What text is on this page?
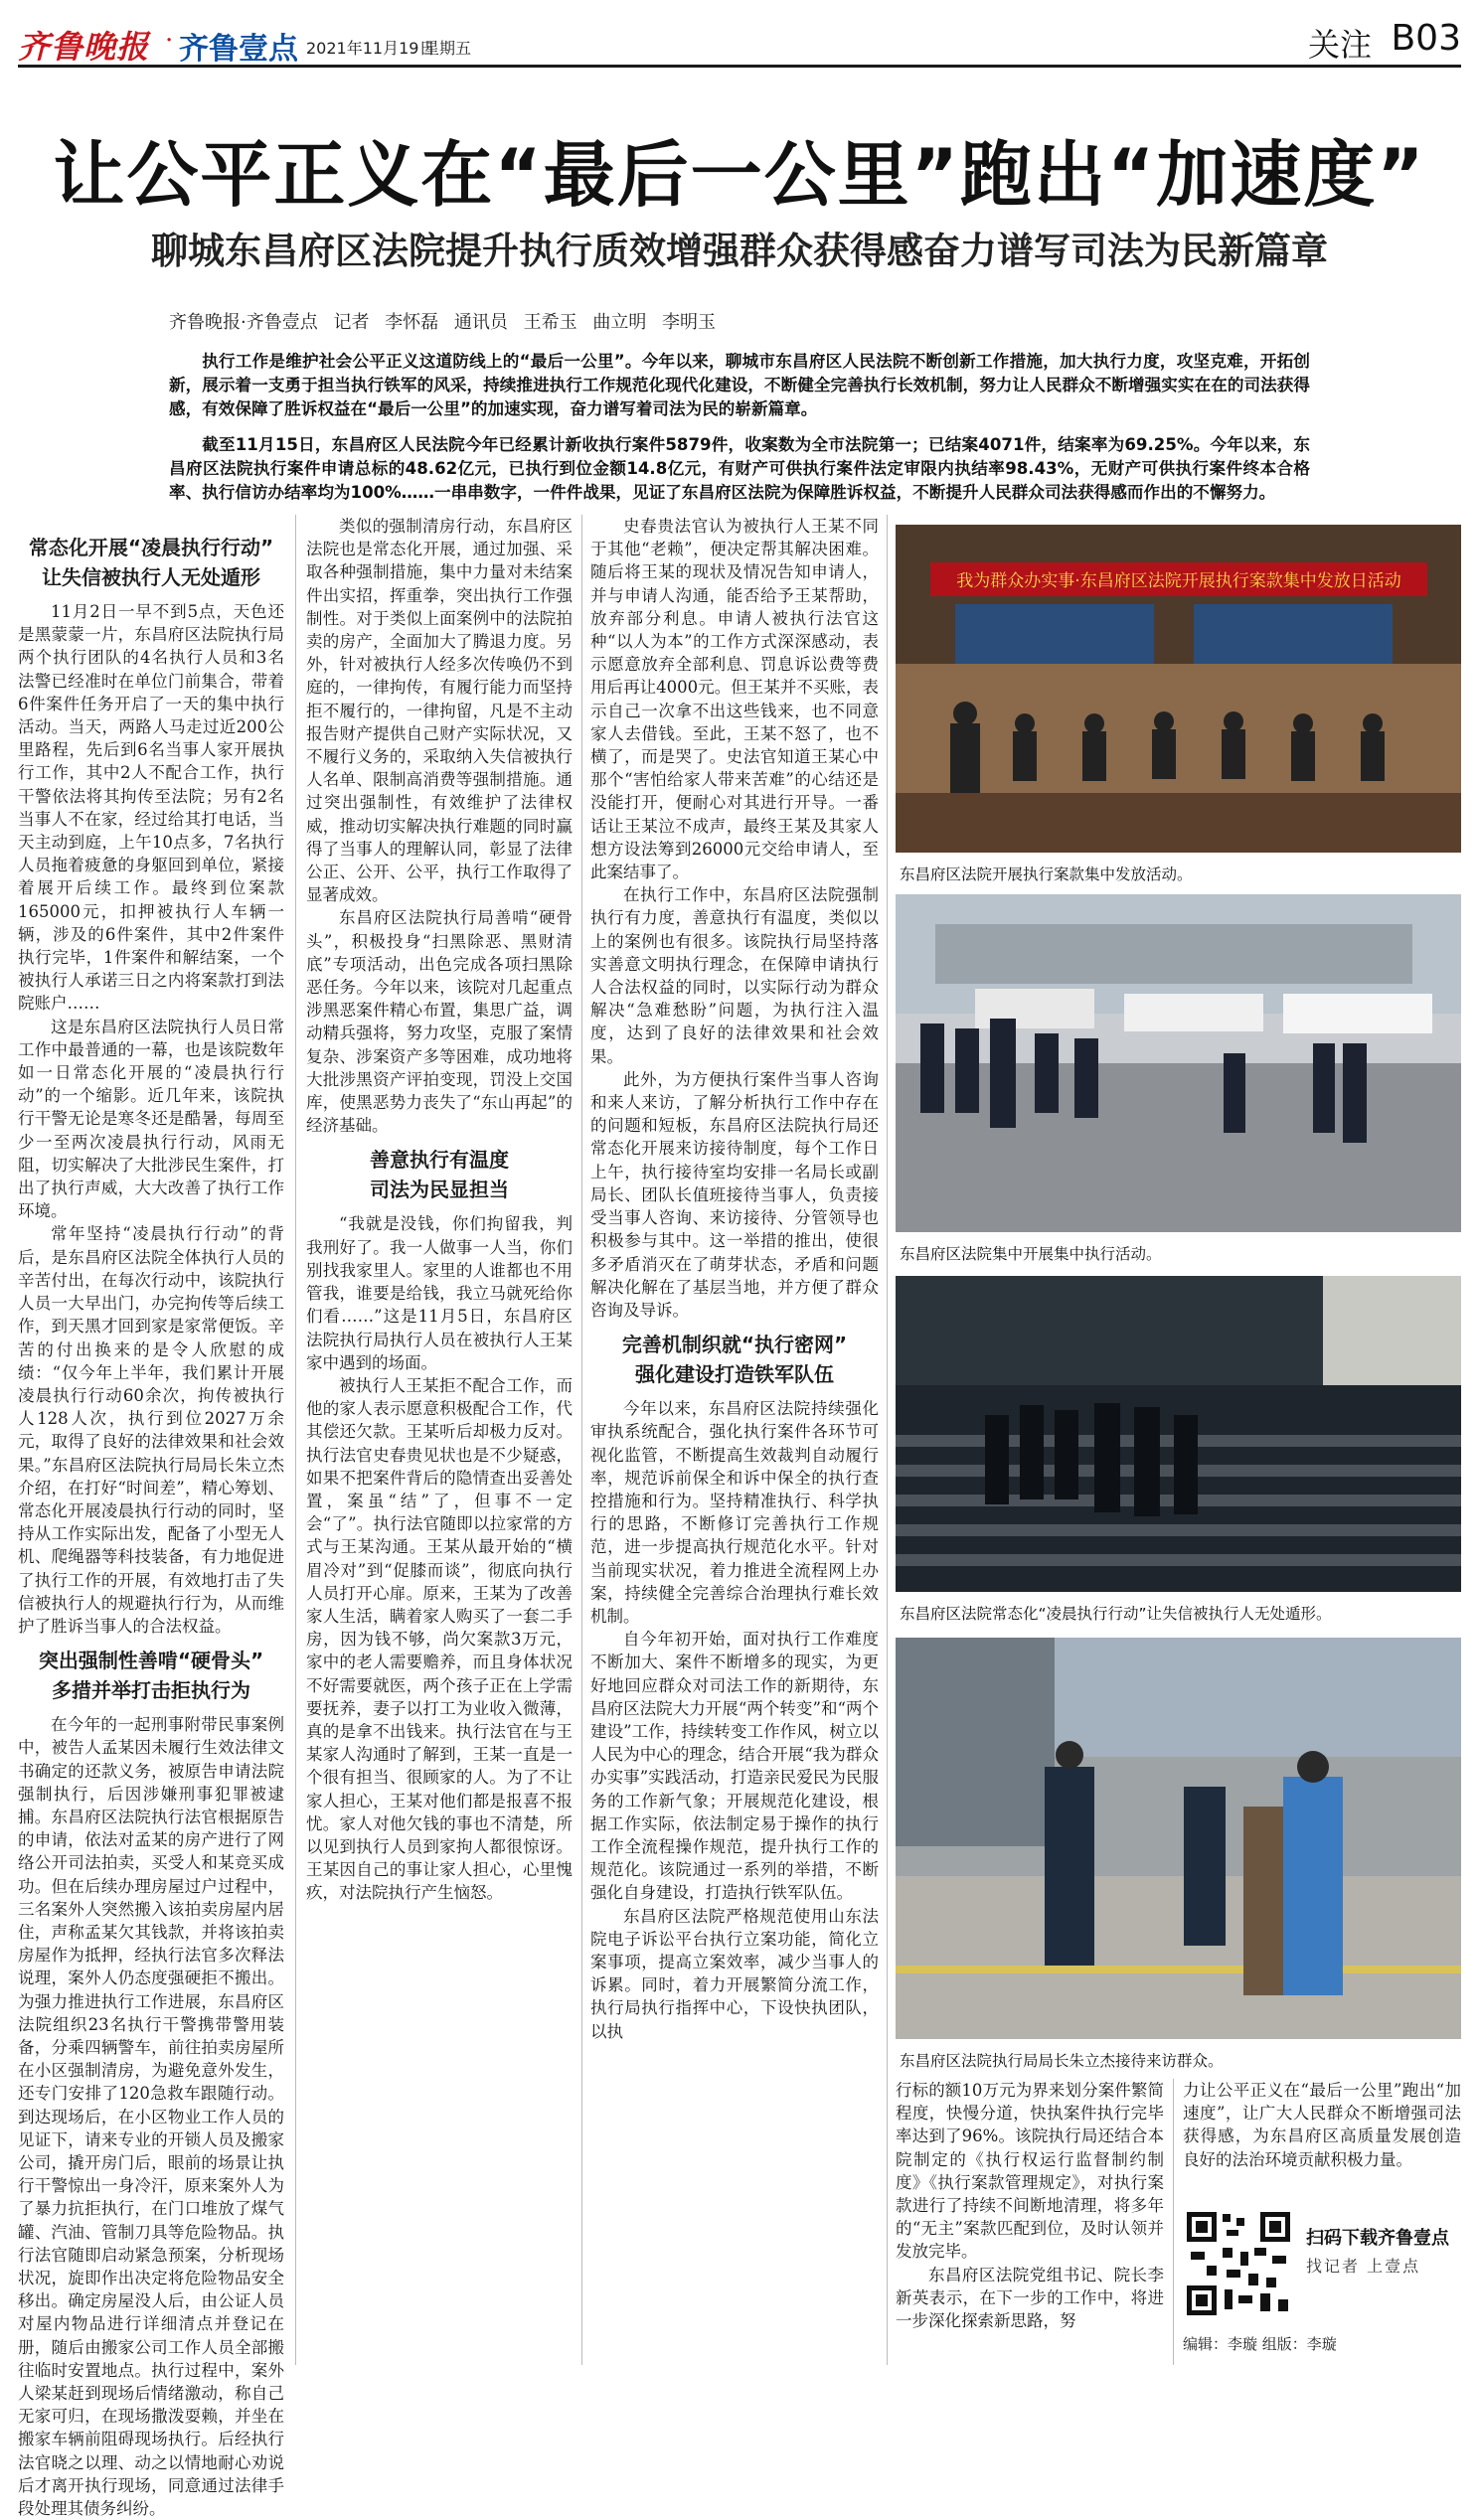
齐鲁晚报 · 齐鲁壹点 2021年11月19日
星期五	关注 B03
让公平正义在“最后一公里”跑出“加速度”
聊城东昌府区法院提升执行质效增强群众获得感奋力谱写司法为民新篇章
齐鲁晚报·齐鲁壹点 记者 李怀磊 通讯员 王希玉 曲立明 李明玉

执行工作是维护社会公平正义这道防线上的“最后一公里”。今年以来，聊城市东昌府区人民法院不断创新工作措施，加大执行力度，攻坚克难，开拓创新，展示着一支勇于担当执行铁军的风采，持续推进执行工作规范化现代化建设，不断健全完善执行长效机制，努力让人民群众不断增强实实在在的司法获得感，有效保障了胜诉权益在“最后一公里”的加速实现，奋力谱写着司法为民的崭新篇章。

截至11月15日，东昌府区人民法院今年已经累计新收执行案件5879件，收案数为全市法院第一；已结案4071件，结案率为69.25%。今年以来，东昌府区法院执行案件申请总标的48.62亿元，已执行到位金额14.8亿元，有财产可供执行案件法定审限内执结率98.43%，无财产可供执行案件终本合格率、执行信访办结率均为100%……一串串数字，一件件战果，见证了东昌府区法院为保障胜诉权益，不断提升人民群众司法获得感而作出的不懈努力。

常态化开展“凌晨执行行动”
让失信被执行人无处遁形

11月2日一早不到5点，天色还是黑蒙蒙一片，东昌府区法院执行局两个执行团队的4名执行人员和3名法警已经准时在单位门前集合，带着6件案件任务开启了一天的集中执行活动。当天，两路人马走过近200公里路程，先后到6名当事人家开展执行工作，其中2人不配合工作，执行干警依法将其拘传至法院；另有2名当事人不在家，经过给其打电话，当天主动到庭，上午10点多，7名执行人员拖着疲惫的身躯回到单位，紧接着展开后续工作。最终到位案款165000元，扣押被执行人车辆一辆，涉及的6件案件，其中2件案件执行完毕，1件案件和解结案，一个被执行人承诺三日之内将案款打到法院账户……

这是东昌府区法院执行人员日常工作中最普通的一幕，也是该院数年如一日常态化开展的“凌晨执行行动”的一个缩影。近几年来，该院执行干警无论是寒冬还是酷暑，每周至少一至两次凌晨执行行动，风雨无阻，切实解决了大批涉民生案件，打出了执行声威，大大改善了执行工作环境。

常年坚持“凌晨执行行动”的背后，是东昌府区法院全体执行人员的辛苦付出，在每次行动中，该院执行人员一大早出门，办完拘传等后续工作，到天黑才回到家是家常便饭。辛苦的付出换来的是令人欣慰的成绩：“仅今年上半年，我们累计开展凌晨执行行动60余次，拘传被执行人128人次，执行到位2027万余元，取得了良好的法律效果和社会效果。”东昌府区法院执行局局长朱立杰介绍，在打好“时间差”，精心筹划、常态化开展凌晨执行行动的同时，坚持从工作实际出发，配备了小型无人机、爬绳器等科技装备，有力地促进了执行工作的开展，有效地打击了失信被执行人的规避执行行为，从而维护了胜诉当事人的合法权益。

突出强制性善啃“硬骨头”
多措并举打击拒执行为

在今年的一起刑事附带民事案例中，被告人孟某因未履行生效法律文书确定的还款义务，被原告申请法院强制执行，后因涉嫌刑事犯罪被逮捕。东昌府区法院执行法官根据原告的申请，依法对孟某的房产进行了网络公开司法拍卖，买受人和某竞买成功。但在后续办理房屋过户过程中，三名案外人突然搬入该拍卖房屋内居住，声称孟某欠其钱款，并将该拍卖房屋作为抵押，经执行法官多次释法说理，案外人仍态度强硬拒不搬出。为强力推进执行工作进展，东昌府区法院组织23名执行干警携带警用装备，分乘四辆警车，前往拍卖房屋所在小区强制清房，为避免意外发生，还专门安排了120急救车跟随行动。到达现场后，在小区物业工作人员的见证下，请来专业的开锁人员及搬家公司，撬开房门后，眼前的场景让执行干警惊出一身冷汗，原来案外人为了暴力抗拒执行，在门口堆放了煤气罐、汽油、管制刀具等危险物品。执行法官随即启动紧急预案，分析现场状况，旋即作出决定将危险物品安全移出。确定房屋没人后，由公证人员对屋内物品进行详细清点并登记在册，随后由搬家公司工作人员全部搬往临时安置地点。执行过程中，案外人梁某赶到现场后情绪激动，称自己无家可归，在现场撒泼耍赖，并坐在搬家车辆前阻碍现场执行。后经执行法官晓之以理、动之以情地耐心劝说后才离开执行现场，同意通过法律手段处理其债务纠纷。

类似的强制清房行动，东昌府区法院也是常态化开展，通过加强、采取各种强制措施，集中力量对未结案件出实招，挥重拳，突出执行工作强制性。对于类似上面案例中的法院拍卖的房产，全面加大了腾退力度。另外，针对被执行人经多次传唤仍不到庭的，一律拘传，有履行能力而坚持拒不履行的，一律拘留，凡是不主动报告财产提供自己财产实际状况，又不履行义务的，采取纳入失信被执行人名单、限制高消费等强制措施。通过突出强制性，有效维护了法律权威，推动切实解决执行难题的同时赢得了当事人的理解认同，彰显了法律公正、公开、公平，执行工作取得了显著成效。

东昌府区法院执行局善啃“硬骨头”，积极投身“扫黑除恶、黑财清底”专项活动，出色完成各项扫黑除恶任务。今年以来，该院对几起重点涉黑恶案件精心布置，集思广益，调动精兵强将，努力攻坚，克服了案情复杂、涉案资产多等困难，成功地将大批涉黑资产评拍变现，罚没上交国库，使黑恶势力丧失了“东山再起”的经济基础。

善意执行有温度
司法为民显担当

“我就是没钱，你们拘留我，判我刑好了。我一人做事一人当，你们别找我家里人。家里的人谁都也不用管我，谁要是给钱，我立马就死给你们看……”这是11月5日，东昌府区法院执行局执行人员在被执行人王某家中遇到的场面。

被执行人王某拒不配合工作，而他的家人表示愿意积极配合工作，代其偿还欠款。王某听后却极力反对。执行法官史春贵见状也是不少疑惑，如果不把案件背后的隐情查出妥善处置，案虽“结”了，但事不一定会“了”。执行法官随即以拉家常的方式与王某沟通。王某从最开始的“横眉冷对”到“促膝而谈”，彻底向执行人员打开心扉。原来，王某为了改善家人生活，瞒着家人购买了一套二手房，因为钱不够，尚欠案款3万元，家中的老人需要赡养，而且身体状况不好需要就医，两个孩子正在上学需要抚养，妻子以打工为业收入微薄，真的是拿不出钱来。执行法官在与王某家人沟通时了解到，王某一直是一个很有担当、很顾家的人。为了不让家人担心，王某对他们都是报喜不报忧。家人对他欠钱的事也不清楚，所以见到执行人员到家拘人都很惊讶。王某因自己的事让家人担心，心里愧疚，对法院执行产生恼怒。

史春贵法官认为被执行人王某不同于其他“老赖”，便决定帮其解决困难。随后将王某的现状及情况告知申请人，并与申请人沟通，能否给予王某帮助，放弃部分利息。申请人被执行法官这种“以人为本”的工作方式深深感动，表示愿意放弃全部利息、罚息诉讼费等费用后再让4000元。但王某并不买账，表示自己一次拿不出这些钱来，也不同意家人去借钱。至此，王某不怒了，也不横了，而是哭了。史法官知道王某心中那个“害怕给家人带来苦难”的心结还是没能打开，便耐心对其进行开导。一番话让王某泣不成声，最终王某及其家人想方设法筹到26000元交给申请人，至此案结事了。

在执行工作中，东昌府区法院强制执行有力度，善意执行有温度，类似以上的案例也有很多。该院执行局坚持落实善意文明执行理念，在保障申请执行人合法权益的同时，以实际行动为群众解决“急难愁盼”问题，为执行注入温度，达到了良好的法律效果和社会效果。

此外，为方便执行案件当事人咨询和来人来访，了解分析执行工作中存在的问题和短板，东昌府区法院执行局还常态化开展来访接待制度，每个工作日上午，执行接待室均安排一名局长或副局长、团队长值班接待当事人，负责接受当事人咨询、来访接待、分管领导也积极参与其中。这一举措的推出，使很多矛盾消灭在了萌芽状态，矛盾和问题解决化解在了基层当地，并方便了群众咨询及导诉。

完善机制织就“执行密网”
强化建设打造铁军队伍

今年以来，东昌府区法院持续强化审执系统配合，强化执行案件各环节可视化监管，不断提高生效裁判自动履行率，规范诉前保全和诉中保全的执行查控措施和行为。坚持精准执行、科学执行的思路，不断修订完善执行工作规范，进一步提高执行规范化水平。针对当前现实状况，着力推进全流程网上办案，持续健全完善综合治理执行难长效机制。

自今年初开始，面对执行工作难度不断加大、案件不断增多的现实，为更好地回应群众对司法工作的新期待，东昌府区法院大力开展“两个转变”和“两个建设”工作，持续转变工作作风，树立以人民为中心的理念，结合开展“我为群众办实事”实践活动，打造亲民爱民为民服务的工作新气象；开展规范化建设，根据工作实际，依法制定易于操作的执行工作全流程操作规范，提升执行工作的规范化。该院通过一系列的举措，不断强化自身建设，打造执行铁军队伍。

东昌府区法院严格规范使用山东法院电子诉讼平台执行立案功能，简化立案事项，提高立案效率，减少当事人的诉累。同时，着力开展繁简分流工作，执行局执行指挥中心，下设快执团队，以执

我为群众办实事·东昌府区法院开展执行案款集中发放日活动
东昌府区法院开展执行案款集中发放活动。
东昌府区法院集中开展集中执行活动。
东昌府区法院常态化“凌晨执行行动”让失信被执行人无处遁形。
东昌府区法院执行局局长朱立杰接待来访群众。

行标的额10万元为界来划分案件繁简程度，快慢分道，快执案件执行完毕率达到了96%。该院执行局还结合本院制定的《执行权运行监督制约制度》《执行案款管理规定》，对执行案款进行了持续不间断地清理，将多年的“无主”案款匹配到位，及时认领并发放完毕。

东昌府区法院党组书记、院长李新英表示，在下一步的工作中，将进一步深化探索新思路，努

力让公平正义在“最后一公里”跑出“加速度”，让广大人民群众不断增强司法获得感，为东昌府区高质量发展创造良好的法治环境贡献积极力量。

扫码下载齐鲁壹点
找记者 上壹点
编辑：李璇 组版：李璇
